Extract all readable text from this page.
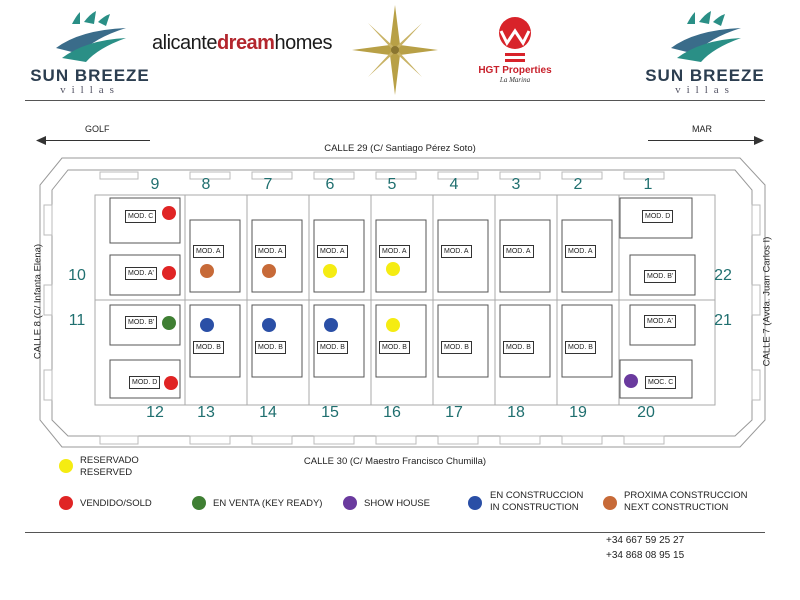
SUN BREEZE
villas
alicantedreamhomes
HGT Properties
La Marina	SUN BREEZE
villas
GOLF	MAR
CALLE 29 (C/ Santiago Pérez Soto)
9	8	7	6	5	4	3	2	1
12	13	14	15	16	17	18	19	20
10
11
22
21
CALLE 8 (C/ Infanta Elena)	CALLE 7 (Avda. Juan Carlos I)
CALLE 30 (C/ Maestro Francisco Chumilla)
MOD. C
MOD. A'
MOD. B'
MOD. D
MOD. A	MOD. A	MOD. A	MOD. A	MOD. A	MOD. A	MOD. A
MOD. B	MOD. B	MOD. B	MOD. B	MOD. B	MOD. B	MOD. B
MOD. D
MOD. B'
MOD. A'
MOC. C
RESERVADO
RESERVED
VENDIDO/SOLD	EN VENTA (KEY READY)	SHOW HOUSE
EN CONSTRUCCION
IN CONSTRUCTION
PROXIMA CONSTRUCCION
NEXT CONSTRUCTION
+34 667 59 25 27
+34 868 08 95 15
